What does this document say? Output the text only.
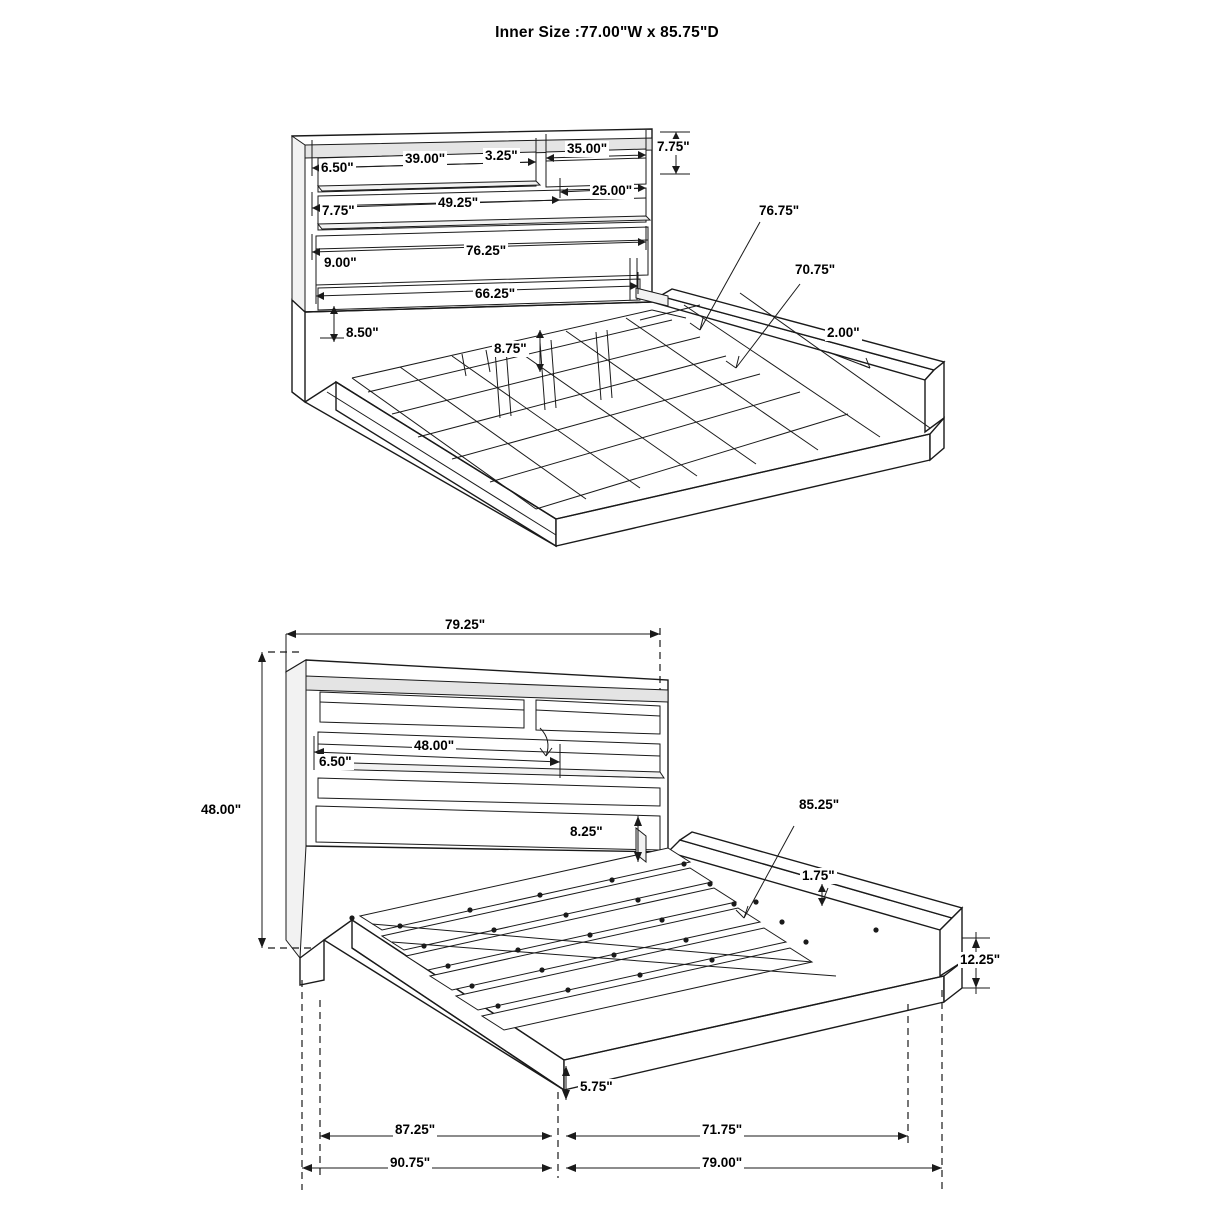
Inner Size :77.00"W x 85.75"D
6.50"
39.00"	3.25"	35.00"	7.75"
25.00"
7.75"
49.25"
9.00"
76.25"
66.25"
8.50"
8.75"
76.75"
70.75"
2.00"
79.25"
48.00"
6.50"
48.00"
8.25"
85.25"
1.75"
12.25"
5.75"
87.25"	71.75"
90.75"	79.00"
